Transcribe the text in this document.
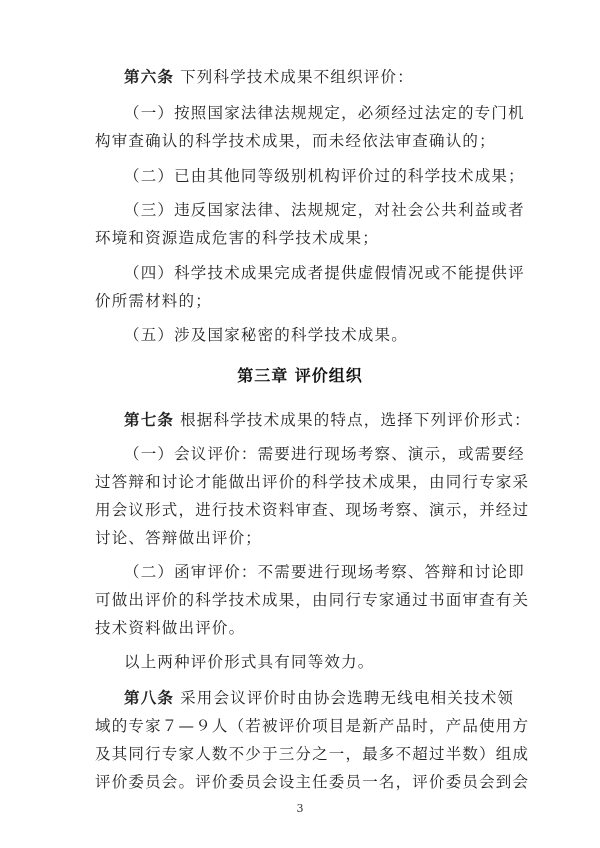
第六条 下列科学技术成果不组织评价：
（一）按照国家法律法规规定，必须经过法定的专门机
构审查确认的科学技术成果，而未经依法审查确认的；
（二）已由其他同等级别机构评价过的科学技术成果；
（三）违反国家法律、法规规定，对社会公共利益或者
环境和资源造成危害的科学技术成果；
（四）科学技术成果完成者提供虚假情况或不能提供评
价所需材料的；
（五）涉及国家秘密的科学技术成果。
第三章 评价组织
第七条 根据科学技术成果的特点，选择下列评价形式：
（一）会议评价：需要进行现场考察、演示，或需要经
过答辩和讨论才能做出评价的科学技术成果，由同行专家采
用会议形式，进行技术资料审查、现场考察、演示，并经过
讨论、答辩做出评价；
（二）函审评价：不需要进行现场考察、答辩和讨论即
可做出评价的科学技术成果，由同行专家通过书面审查有关
技术资料做出评价。
以上两种评价形式具有同等效力。
第八条 采用会议评价时由协会选聘无线电相关技术领
域的专家７—９人（若被评价项目是新产品时，产品使用方
及其同行专家人数不少于三分之一，最多不超过半数）组成
评价委员会。评价委员会设主任委员一名，评价委员会到会
3
